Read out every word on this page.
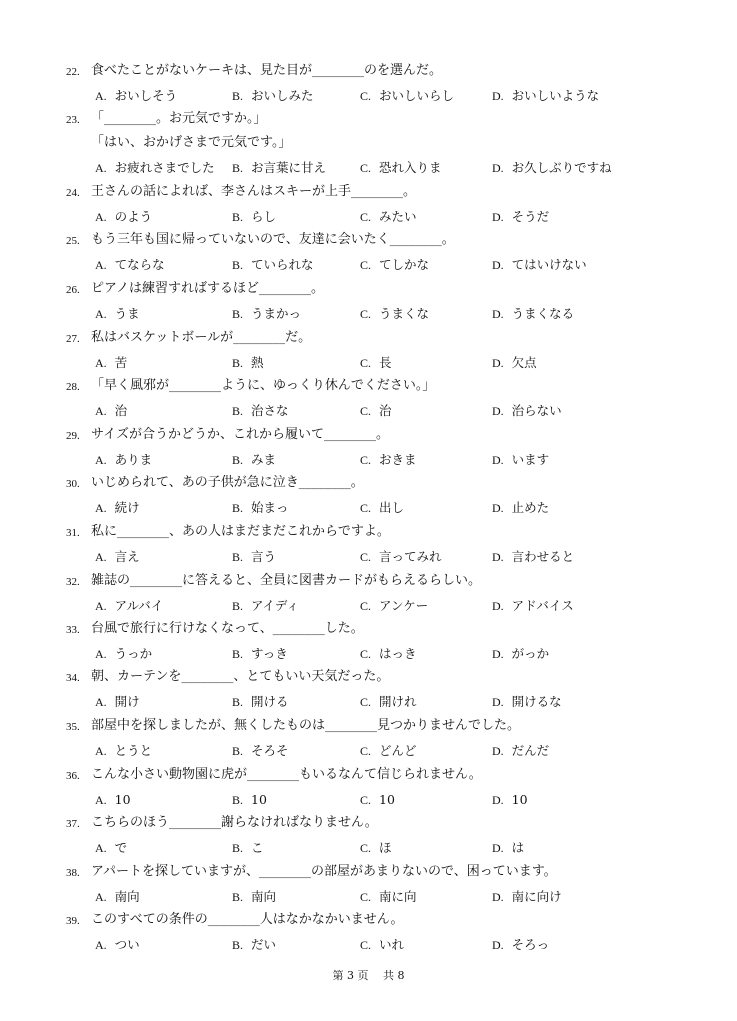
22. 食べたことがないケーキは、見た目が________のを選んだ。
A. おいしそう	B. おいしみた	C. おいしいらし	D. おいしいような
23. 「________。お元気ですか。」
「はい、おかげさまで元気です。」
A. お疲れさまでした B. お言葉に甘え	C. 恐れ入りま	D. お久しぶりですね
24. 王さんの話によれば、李さんはスキーが上手________。
A. のよう	B. らし	C. みたい	D. そうだ
25. もう三年も国に帰っていないので、友達に会いたく________。
A. てならな	B. ていられな	C. てしかな	D. てはいけない
26. ピアノは練習すればするほど________。
A. うま	B. うまかっ	C. うまくな	D. うまくなる
27. 私はバスケットボールが________だ。
A. 苦	B. 熱	C. 長	D. 欠点
28. 「早く風邪が________ように、ゆっくり休んでください。」
A. 治	B. 治さな	C. 治	D. 治らない
29. サイズが合うかどうか、これから履いて________。
A. ありま	B. みま	C. おきま	D. います
30. いじめられて、あの子供が急に泣き________。
A. 続け	B. 始まっ	C. 出し	D. 止めた
31. 私に________、あの人はまだまだこれからですよ。
A. 言え	B. 言う	C. 言ってみれ	D. 言わせると
32. 雑誌の________に答えると、全員に図書カードがもらえるらしい。
A. アルバイ	B. アイディ	C. アンケー	D. アドバイス
33. 台風で旅行に行けなくなって、________した。
A. うっか	B. すっき	C. はっき	D. がっか
34. 朝、カーテンを________、とてもいい天気だった。
A. 開け	B. 開ける	C. 開けれ	D. 開けるな
35. 部屋中を探しましたが、無くしたものは________見つかりませんでした。
A. とうと	B. そろそ	C. どんど	D. だんだ
36. こんな小さい動物園に虎が________もいるなんて信じられません。
A. 10	B. 10	C. 10	D. 10
37. こちらのほう________謝らなければなりません。
A. で	B. こ	C. ほ	D. は
38. アパートを探していますが、________の部屋があまりないので、困っています。
A. 南向	B. 南向	C. 南に向	D. 南に向け
39. このすべての条件の________人はなかなかいません。
A. つい	B. だい	C. いれ	D. そろっ
第 3 页　 共 8
